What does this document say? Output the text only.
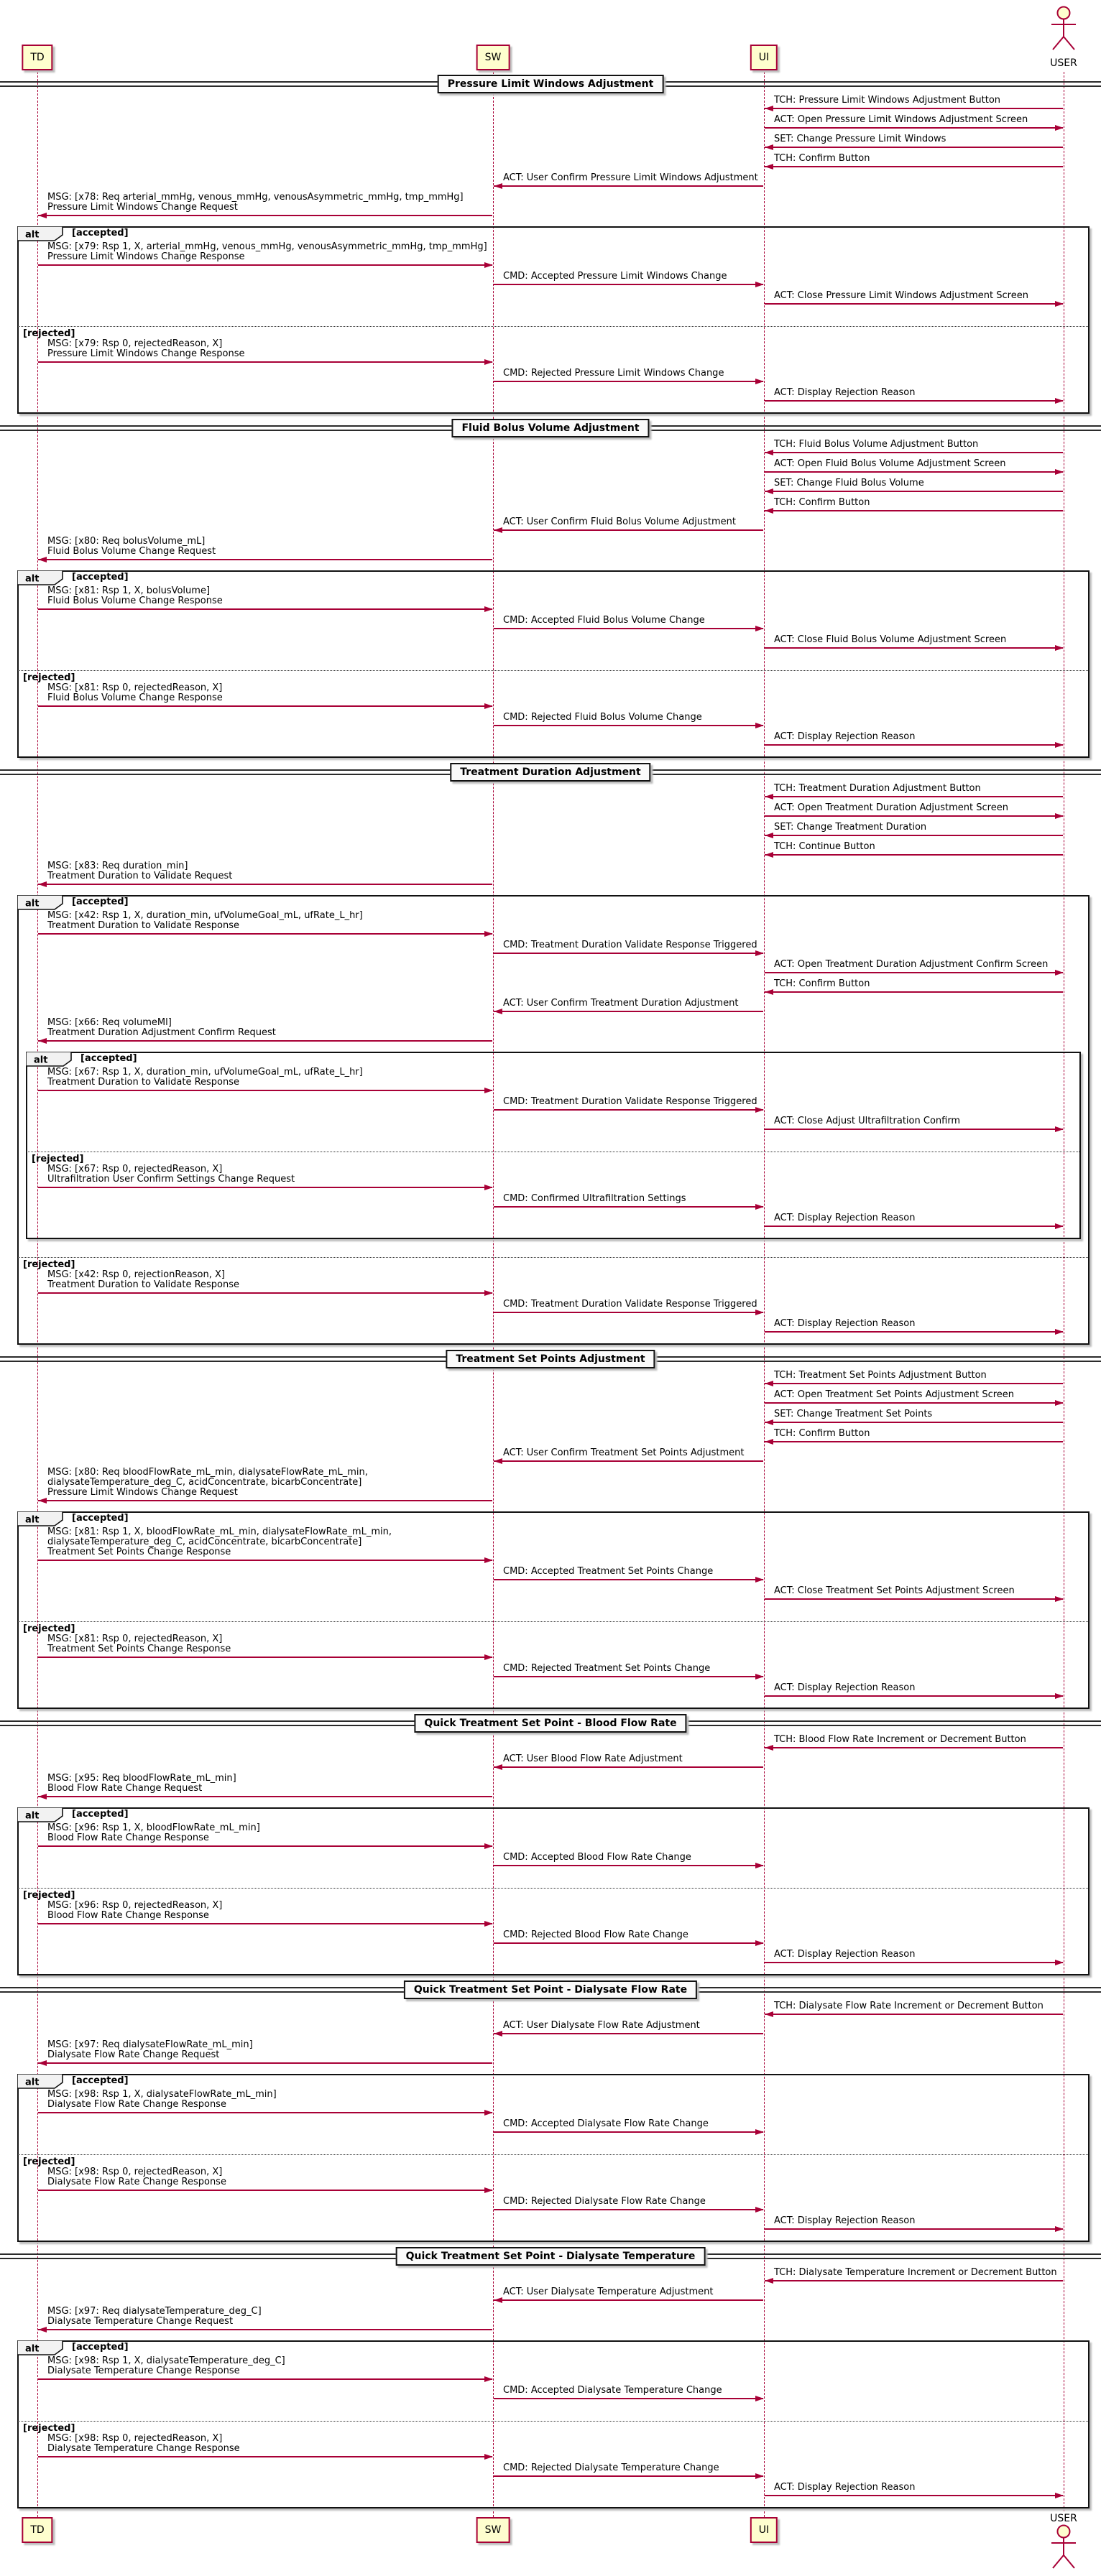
Pressure Limit Windows Adjustment
TCH: Pressure Limit Windows Adjustment Button
ACT: Open Pressure Limit Windows Adjustment Screen
SET: Change Pressure Limit Windows
TCH: Confirm Button
ACT: User Confirm Pressure Limit Windows Adjustment
MSG: [x78: Req arterial_mmHg, venous_mmHg, venousAsymmetric_mmHg, tmp_mmHg]
Pressure Limit Windows Change Request
alt	[accepted]
MSG: [x79: Rsp 1, X, arterial_mmHg, venous_mmHg, venousAsymmetric_mmHg, tmp_mmHg]
Pressure Limit Windows Change Response
CMD: Accepted Pressure Limit Windows Change
ACT: Close Pressure Limit Windows Adjustment Screen
[rejected]
MSG: [x79: Rsp 0, rejectedReason, X]
Pressure Limit Windows Change Response
CMD: Rejected Pressure Limit Windows Change
ACT: Display Rejection Reason
Fluid Bolus Volume Adjustment
TCH: Fluid Bolus Volume Adjustment Button
ACT: Open Fluid Bolus Volume Adjustment Screen
SET: Change Fluid Bolus Volume
TCH: Confirm Button
ACT: User Confirm Fluid Bolus Volume Adjustment
MSG: [x80: Req bolusVolume_mL]
Fluid Bolus Volume Change Request
alt	[accepted]
MSG: [x81: Rsp 1, X, bolusVolume]
Fluid Bolus Volume Change Response
CMD: Accepted Fluid Bolus Volume Change
ACT: Close Fluid Bolus Volume Adjustment Screen
[rejected]
MSG: [x81: Rsp 0, rejectedReason, X]
Fluid Bolus Volume Change Response
CMD: Rejected Fluid Bolus Volume Change
ACT: Display Rejection Reason
Treatment Duration Adjustment
TCH: Treatment Duration Adjustment Button
ACT: Open Treatment Duration Adjustment Screen
SET: Change Treatment Duration
TCH: Continue Button
MSG: [x83: Req duration_min]
Treatment Duration to Validate Request
alt	[accepted]
MSG: [x42: Rsp 1, X, duration_min, ufVolumeGoal_mL, ufRate_L_hr]
Treatment Duration to Validate Response
CMD: Treatment Duration Validate Response Triggered
ACT: Open Treatment Duration Adjustment Confirm Screen
TCH: Confirm Button
ACT: User Confirm Treatment Duration Adjustment
MSG: [x66: Req volumeMl]
Treatment Duration Adjustment Confirm Request
alt	[accepted]
MSG: [x67: Rsp 1, X, duration_min, ufVolumeGoal_mL, ufRate_L_hr]
Treatment Duration to Validate Response
CMD: Treatment Duration Validate Response Triggered
ACT: Close Adjust Ultrafiltration Confirm
[rejected]
MSG: [x67: Rsp 0, rejectedReason, X]
Ultrafiltration User Confirm Settings Change Request
CMD: Confirmed Ultrafiltration Settings
ACT: Display Rejection Reason
[rejected]
MSG: [x42: Rsp 0, rejectionReason, X]
Treatment Duration to Validate Response
CMD: Treatment Duration Validate Response Triggered
ACT: Display Rejection Reason
Treatment Set Points Adjustment
TCH: Treatment Set Points Adjustment Button
ACT: Open Treatment Set Points Adjustment Screen
SET: Change Treatment Set Points
TCH: Confirm Button
ACT: User Confirm Treatment Set Points Adjustment
MSG: [x80: Req bloodFlowRate_mL_min, dialysateFlowRate_mL_min,
dialysateTemperature_deg_C, acidConcentrate, bicarbConcentrate]
Pressure Limit Windows Change Request
alt	[accepted]
MSG: [x81: Rsp 1, X, bloodFlowRate_mL_min, dialysateFlowRate_mL_min,
dialysateTemperature_deg_C, acidConcentrate, bicarbConcentrate]
Treatment Set Points Change Response
CMD: Accepted Treatment Set Points Change
ACT: Close Treatment Set Points Adjustment Screen
[rejected]
MSG: [x81: Rsp 0, rejectedReason, X]
Treatment Set Points Change Response
CMD: Rejected Treatment Set Points Change
ACT: Display Rejection Reason
Quick Treatment Set Point - Blood Flow Rate
TCH: Blood Flow Rate Increment or Decrement Button
ACT: User Blood Flow Rate Adjustment
MSG: [x95: Req bloodFlowRate_mL_min]
Blood Flow Rate Change Request
alt	[accepted]
MSG: [x96: Rsp 1, X, bloodFlowRate_mL_min]
Blood Flow Rate Change Response
CMD: Accepted Blood Flow Rate Change
[rejected]
MSG: [x96: Rsp 0, rejectedReason, X]
Blood Flow Rate Change Response
CMD: Rejected Blood Flow Rate Change
ACT: Display Rejection Reason
Quick Treatment Set Point - Dialysate Flow Rate
TCH: Dialysate Flow Rate Increment or Decrement Button
ACT: User Dialysate Flow Rate Adjustment
MSG: [x97: Req dialysateFlowRate_mL_min]
Dialysate Flow Rate Change Request
alt	[accepted]
MSG: [x98: Rsp 1, X, dialysateFlowRate_mL_min]
Dialysate Flow Rate Change Response
CMD: Accepted Dialysate Flow Rate Change
[rejected]
MSG: [x98: Rsp 0, rejectedReason, X]
Dialysate Flow Rate Change Response
CMD: Rejected Dialysate Flow Rate Change
ACT: Display Rejection Reason
Quick Treatment Set Point - Dialysate Temperature
TCH: Dialysate Temperature Increment or Decrement Button
ACT: User Dialysate Temperature Adjustment
MSG: [x97: Req dialysateTemperature_deg_C]
Dialysate Temperature Change Request
alt	[accepted]
MSG: [x98: Rsp 1, X, dialysateTemperature_deg_C]
Dialysate Temperature Change Response
CMD: Accepted Dialysate Temperature Change
[rejected]
MSG: [x98: Rsp 0, rejectedReason, X]
Dialysate Temperature Change Response
CMD: Rejected Dialysate Temperature Change
ACT: Display Rejection Reason
TD
TD
SW
SW
UI
UI
USER
USER
